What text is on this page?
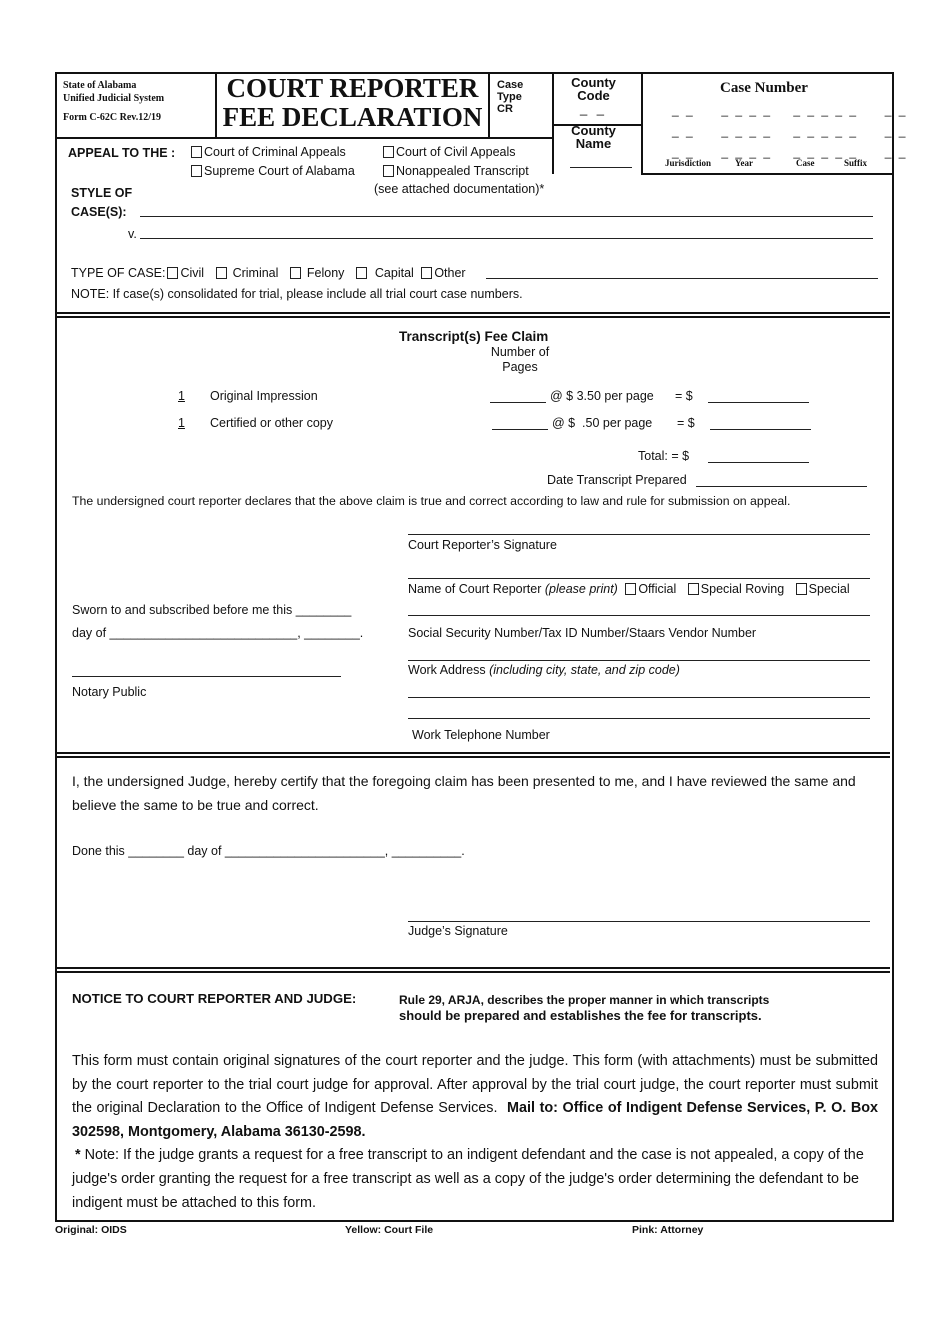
State of Alabama
Unified Judicial System
Form C-62C Rev.12/19
COURT REPORTER
FEE DECLARATION
Case
Type
CR
County
Code
_ _
County
Name
Case Number
_ _     _ _ _ _    _ _ _ _ _     _ _
_ _     _ _ _ _    _ _ _ _ _     _ _
_ _     _ _ _ _    _ _ _ _ _     _ _
Jurisdiction	Year	Case	Suffix
APPEAL TO THE :	Court of Criminal Appeals	Court of Civil Appeals
Supreme Court of Alabama	Nonappealed Transcript
(see attached documentation)*
STYLE OF
CASE(S):
v.
TYPE OF CASE: Civil Criminal Felony Capital Other
NOTE: If case(s) consolidated for trial, please include all trial court case numbers.
Transcript(s) Fee Claim
Number of
Pages
1	Original Impression	@ $ 3.50 per page = $
1	Certified or other copy	@ $  .50 per page = $
Total: = $
Date Transcript Prepared
The undersigned court reporter declares that the above claim is true and correct according to law and rule for submission on appeal.
Court Reporter’s Signature
Name of Court Reporter (please print) Official Special Roving Special
Sworn to and subscribed before me this ________
day of ___________________________, ________.	Social Security Number/Tax ID Number/Staars Vendor Number
Work Address (including city, state, and zip code)
Notary Public
Work Telephone Number
I, the undersigned Judge, hereby certify that the foregoing claim has been presented to me, and I have reviewed the same and believe the same to be true and correct.
Done this ________ day of _______________________, __________.
Judge’s Signature
NOTICE TO COURT REPORTER AND JUDGE:	Rule 29, ARJA, describes the proper manner in which transcripts
should be prepared and establishes the fee for transcripts.
This form must contain original signatures of the court reporter and the judge. This form (with attachments) must be submitted by the court reporter to the trial court judge for approval. After approval by the trial court judge, the court reporter must submit the original Declaration to the Office of Indigent Defense Services. Mail to: Office of Indigent Defense Services, P. O. Box 302598, Montgomery, Alabama 36130-2598.
* Note: If the judge grants a request for a free transcript to an indigent defendant and the case is not appealed, a copy of the judge's order granting the request for a free transcript as well as a copy of the judge's order determining the defendant to be indigent must be attached to this form.
Original: OIDS	Yellow: Court File	Pink: Attorney
